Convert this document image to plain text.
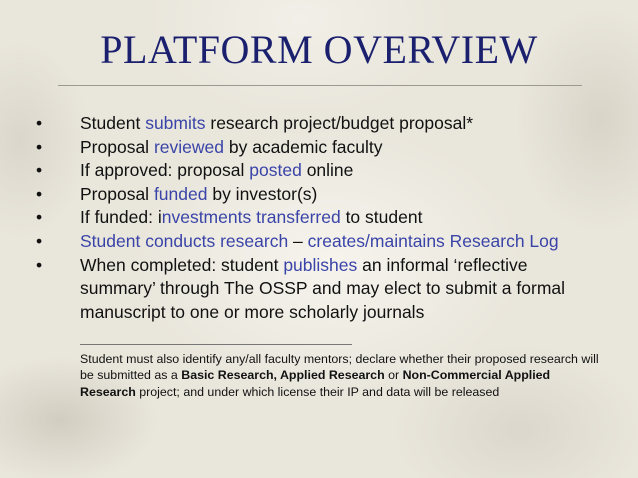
PLATFORM OVERVIEW
• Student submits research project/budget proposal*
• Proposal reviewed by academic faculty
• If approved: proposal posted online
• Proposal funded by investor(s)
• If funded: investments transferred to student
• Student conducts research – creates/maintains Research Log
• When completed: student publishes an informal ‘reflective summary’ through The OSSP and may elect to submit a formal manuscript to one or more scholarly journals
Student must also identify any/all faculty mentors; declare whether their proposed research will be submitted as a Basic Research, Applied Research or Non-Commercial Applied Research project; and under which license their IP and data will be released
